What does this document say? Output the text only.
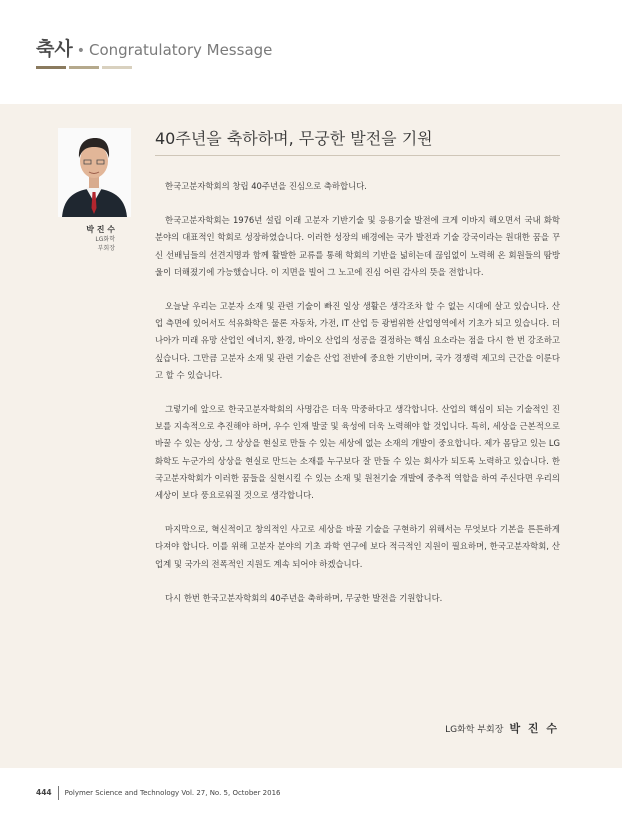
축사 • Congratulatory Message
박 진 수
LG화학
부회장
40주년을 축하하며, 무궁한 발전을 기원

한국고분자학회의 창립 40주년을 진심으로 축하합니다.

한국고분자학회는 1976년 설립 이래 고분자 기반기술 및 응용기술 발전에 크게 이바지 해오면서 국내 화학분야의 대표적인 학회로 성장하였습니다. 이러한 성장의 배경에는 국가 발전과 기술 강국이라는 원대한 꿈을 꾸신 선배님들의 선견지명과 함께 활발한 교류를 통해 학회의 기반을 넓히는데 끊임없이 노력해 온 회원들의 땀방울이 더해졌기에 가능했습니다. 이 지면을 빌어 그 노고에 진심 어린 감사의 뜻을 전합니다.

오늘날 우리는 고분자 소재 및 관련 기술이 빠진 일상 생활은 생각조차 할 수 없는 시대에 살고 있습니다. 산업 측면에 있어서도 석유화학은 물론 자동차, 가전, IT 산업 등 광범위한 산업영역에서 기초가 되고 있습니다. 더 나아가 미래 유망 산업인 에너지, 환경, 바이오 산업의 성공을 결정하는 핵심 요소라는 점을 다시 한 번 강조하고 싶습니다. 그만큼 고분자 소재 및 관련 기술은 산업 전반에 중요한 기반이며, 국가 경쟁력 제고의 근간을 이룬다고 할 수 있습니다.

그렇기에 앞으로 한국고분자학회의 사명감은 더욱 막중하다고 생각합니다. 산업의 핵심이 되는 기술적인 진보를 지속적으로 추진해야 하며, 우수 인재 발굴 및 육성에 더욱 노력해야 할 것입니다. 특히, 세상을 근본적으로 바꿀 수 있는 상상, 그 상상을 현실로 만들 수 있는 세상에 없는 소재의 개발이 중요합니다. 제가 몸담고 있는 LG화학도 누군가의 상상을 현실로 만드는 소재를 누구보다 잘 만들 수 있는 회사가 되도록 노력하고 있습니다. 한국고분자학회가 이러한 꿈들을 실현시킬 수 있는 소재 및 원천기술 개발에 중추적 역할을 하여 주신다면 우리의 세상이 보다 풍요로워질 것으로 생각합니다.

마지막으로, 혁신적이고 창의적인 사고로 세상을 바꿀 기술을 구현하기 위해서는 무엇보다 기본을 튼튼하게 다져야 합니다. 이를 위해 고분자 분야의 기초 과학 연구에 보다 적극적인 지원이 필요하며, 한국고분자학회, 산업계 및 국가의 전폭적인 지원도 계속 되어야 하겠습니다.

다시 한번 한국고분자학회의 40주년을 축하하며, 무궁한 발전을 기원합니다.

LG화학 부회장 박 진 수
444 Polymer Science and Technology Vol. 27, No. 5, October 2016
